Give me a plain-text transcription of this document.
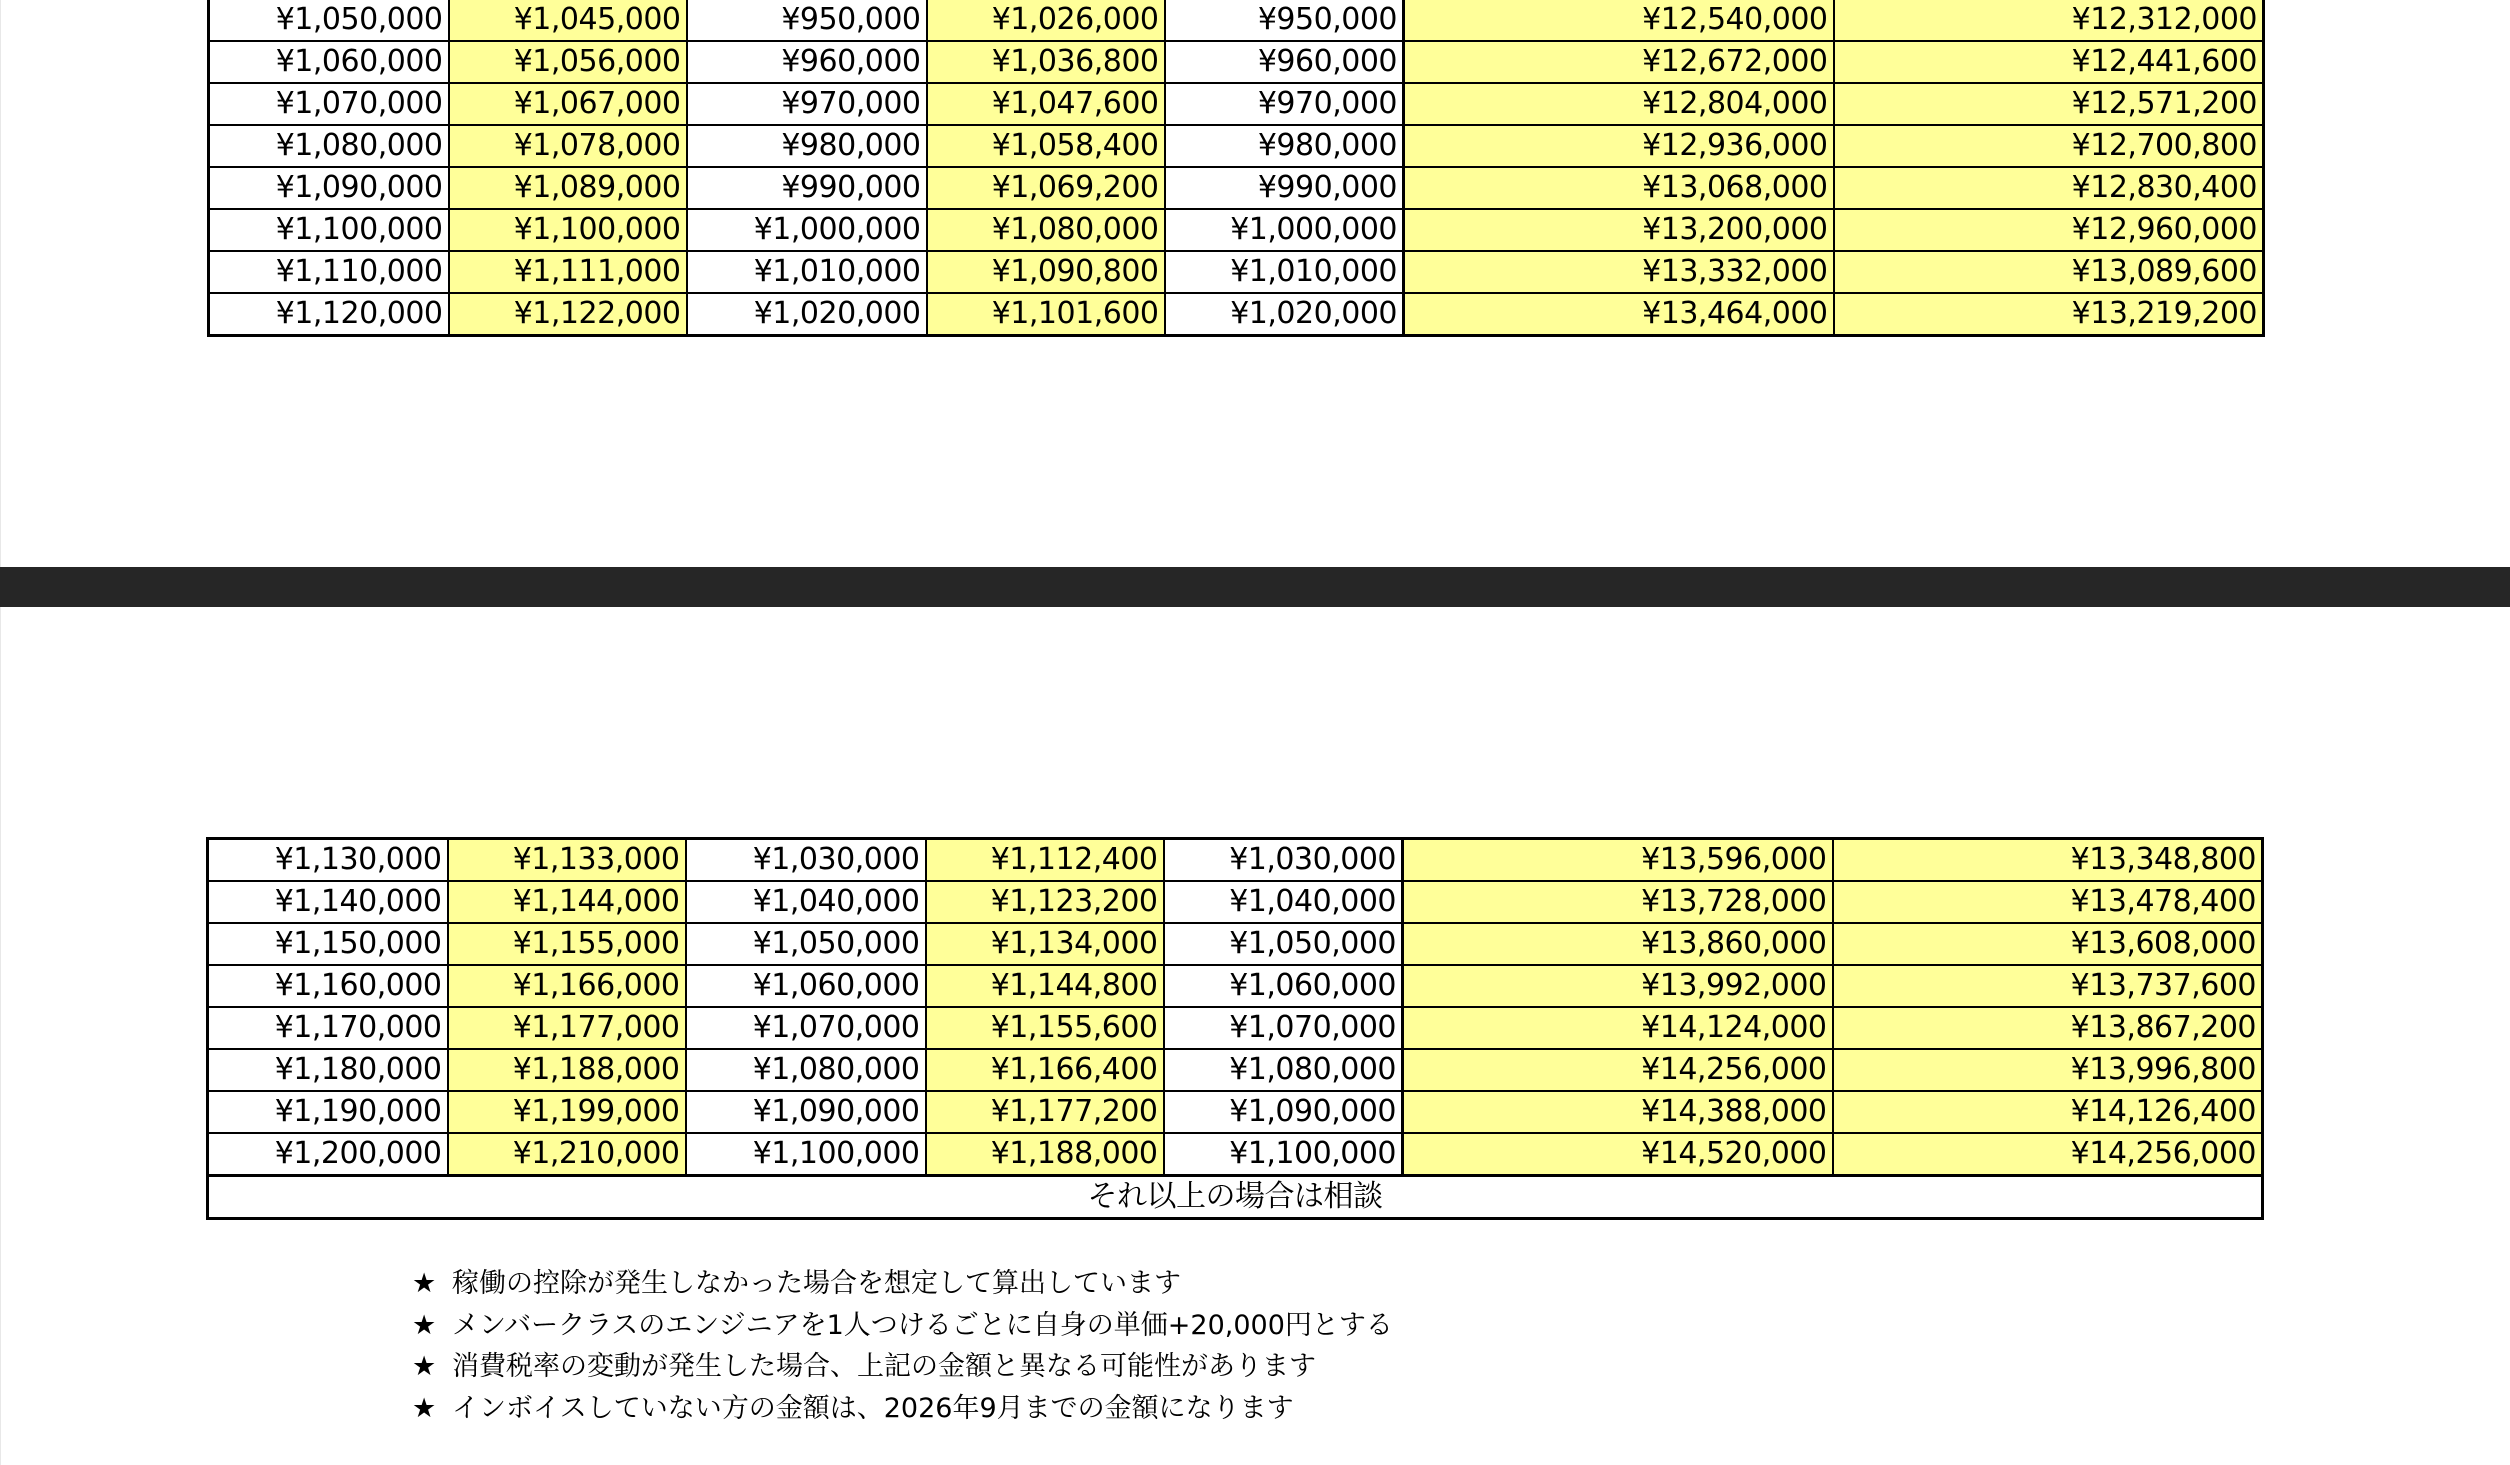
¥1,050,000	¥1,045,000	¥950,000	¥1,026,000	¥950,000	¥12,540,000	¥12,312,000
¥1,060,000	¥1,056,000	¥960,000	¥1,036,800	¥960,000	¥12,672,000	¥12,441,600
¥1,070,000	¥1,067,000	¥970,000	¥1,047,600	¥970,000	¥12,804,000	¥12,571,200
¥1,080,000	¥1,078,000	¥980,000	¥1,058,400	¥980,000	¥12,936,000	¥12,700,800
¥1,090,000	¥1,089,000	¥990,000	¥1,069,200	¥990,000	¥13,068,000	¥12,830,400
¥1,100,000	¥1,100,000	¥1,000,000	¥1,080,000	¥1,000,000	¥13,200,000	¥12,960,000
¥1,110,000	¥1,111,000	¥1,010,000	¥1,090,800	¥1,010,000	¥13,332,000	¥13,089,600
¥1,120,000	¥1,122,000	¥1,020,000	¥1,101,600	¥1,020,000	¥13,464,000	¥13,219,200
¥1,130,000	¥1,133,000	¥1,030,000	¥1,112,400	¥1,030,000	¥13,596,000	¥13,348,800
¥1,140,000	¥1,144,000	¥1,040,000	¥1,123,200	¥1,040,000	¥13,728,000	¥13,478,400
¥1,150,000	¥1,155,000	¥1,050,000	¥1,134,000	¥1,050,000	¥13,860,000	¥13,608,000
¥1,160,000	¥1,166,000	¥1,060,000	¥1,144,800	¥1,060,000	¥13,992,000	¥13,737,600
¥1,170,000	¥1,177,000	¥1,070,000	¥1,155,600	¥1,070,000	¥14,124,000	¥13,867,200
¥1,180,000	¥1,188,000	¥1,080,000	¥1,166,400	¥1,080,000	¥14,256,000	¥13,996,800
¥1,190,000	¥1,199,000	¥1,090,000	¥1,177,200	¥1,090,000	¥14,388,000	¥14,126,400
¥1,200,000	¥1,210,000	¥1,100,000	¥1,188,000	¥1,100,000	¥14,520,000	¥14,256,000
それ以上の場合は相談						
★ 稼働の控除が発生しなかった場合を想定して算出しています
★ メンバークラスのエンジニアを1人つけるごとに自身の単価+20,000円とする
★ 消費税率の変動が発生した場合、上記の金額と異なる可能性があります
★ インボイスしていない方の金額は、2026年9月までの金額になります
